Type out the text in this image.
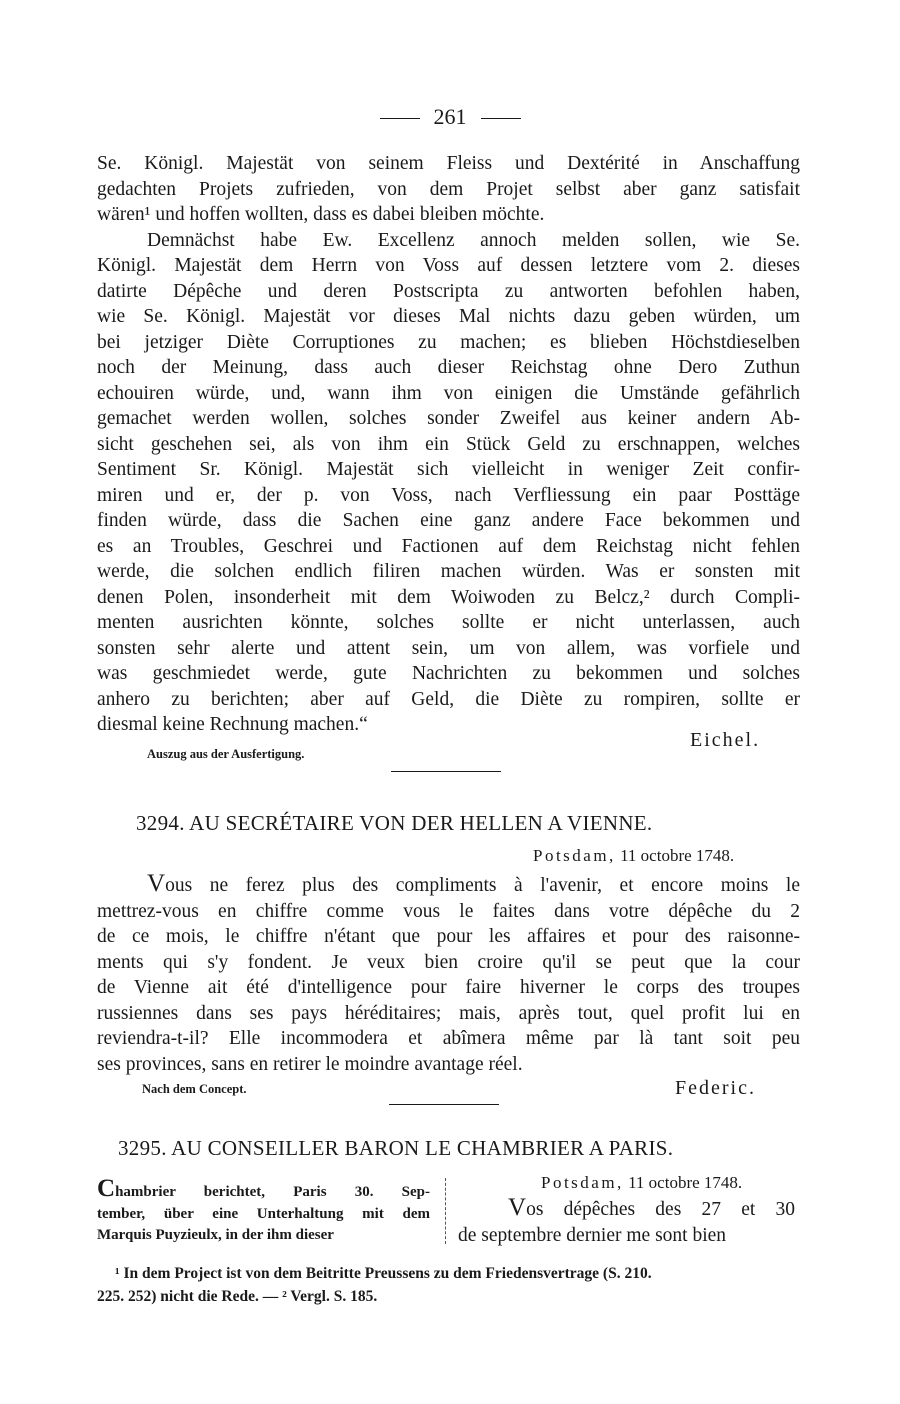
261
Se. Königl. Majestät von seinem Fleiss und Dextérité in Anschaffung
gedachten Projets zufrieden, von dem Projet selbst aber ganz satisfait
wären¹ und hoffen wollten, dass es dabei bleiben möchte.
Demnächst habe Ew. Excellenz annoch melden sollen, wie Se.
Königl. Majestät dem Herrn von Voss auf dessen letztere vom 2. dieses
datirte Dépêche und deren Postscripta zu antworten befohlen haben,
wie Se. Königl. Majestät vor dieses Mal nichts dazu geben würden, um
bei jetziger Diète Corruptiones zu machen; es blieben Höchstdieselben
noch der Meinung, dass auch dieser Reichstag ohne Dero Zuthun
echouiren würde, und, wann ihm von einigen die Umstände gefährlich
gemachet werden wollen, solches sonder Zweifel aus keiner andern Ab-
sicht geschehen sei, als von ihm ein Stück Geld zu erschnappen, welches
Sentiment Sr. Königl. Majestät sich vielleicht in weniger Zeit confir-
miren und er, der p. von Voss, nach Verfliessung ein paar Posttäge
finden würde, dass die Sachen eine ganz andere Face bekommen und
es an Troubles, Geschrei und Factionen auf dem Reichstag nicht fehlen
werde, die solchen endlich filiren machen würden. Was er sonsten mit
denen Polen, insonderheit mit dem Woiwoden zu Belcz,² durch Compli-
menten ausrichten könnte, solches sollte er nicht unterlassen, auch
sonsten sehr alerte und attent sein, um von allem, was vorfiele und
was geschmiedet werde, gute Nachrichten zu bekommen und solches
anhero zu berichten; aber auf Geld, die Diète zu rompiren, sollte er
diesmal keine Rechnung machen.“
Auszug aus der Ausfertigung.
Eichel.
3294. AU SECRÉTAIRE VON DER HELLEN A VIENNE.
Potsdam, 11 octobre 1748.
Vous ne ferez plus des compliments à l'avenir, et encore moins le
mettrez-vous en chiffre comme vous le faites dans votre dépêche du 2
de ce mois, le chiffre n'étant que pour les affaires et pour des raisonne-
ments qui s'y fondent. Je veux bien croire qu'il se peut que la cour
de Vienne ait été d'intelligence pour faire hiverner le corps des troupes
russiennes dans ses pays héréditaires; mais, après tout, quel profit lui en
reviendra-t-il? Elle incommodera et abîmera même par là tant soit peu
ses provinces, sans en retirer le moindre avantage réel.
Nach dem Concept.	Federic.
3295. AU CONSEILLER BARON LE CHAMBRIER A PARIS.
Chambrier berichtet, Paris 30. Sep-
tember, über eine Unterhaltung mit dem
Marquis Puyzieulx, in der ihm dieser
Potsdam, 11 octobre 1748.
Vos dépêches des 27 et 30
de septembre dernier me sont bien
¹ In dem Project ist von dem Beitritte Preussens zu dem Friedensvertrage (S. 210.
225. 252) nicht die Rede. — ² Vergl. S. 185.
